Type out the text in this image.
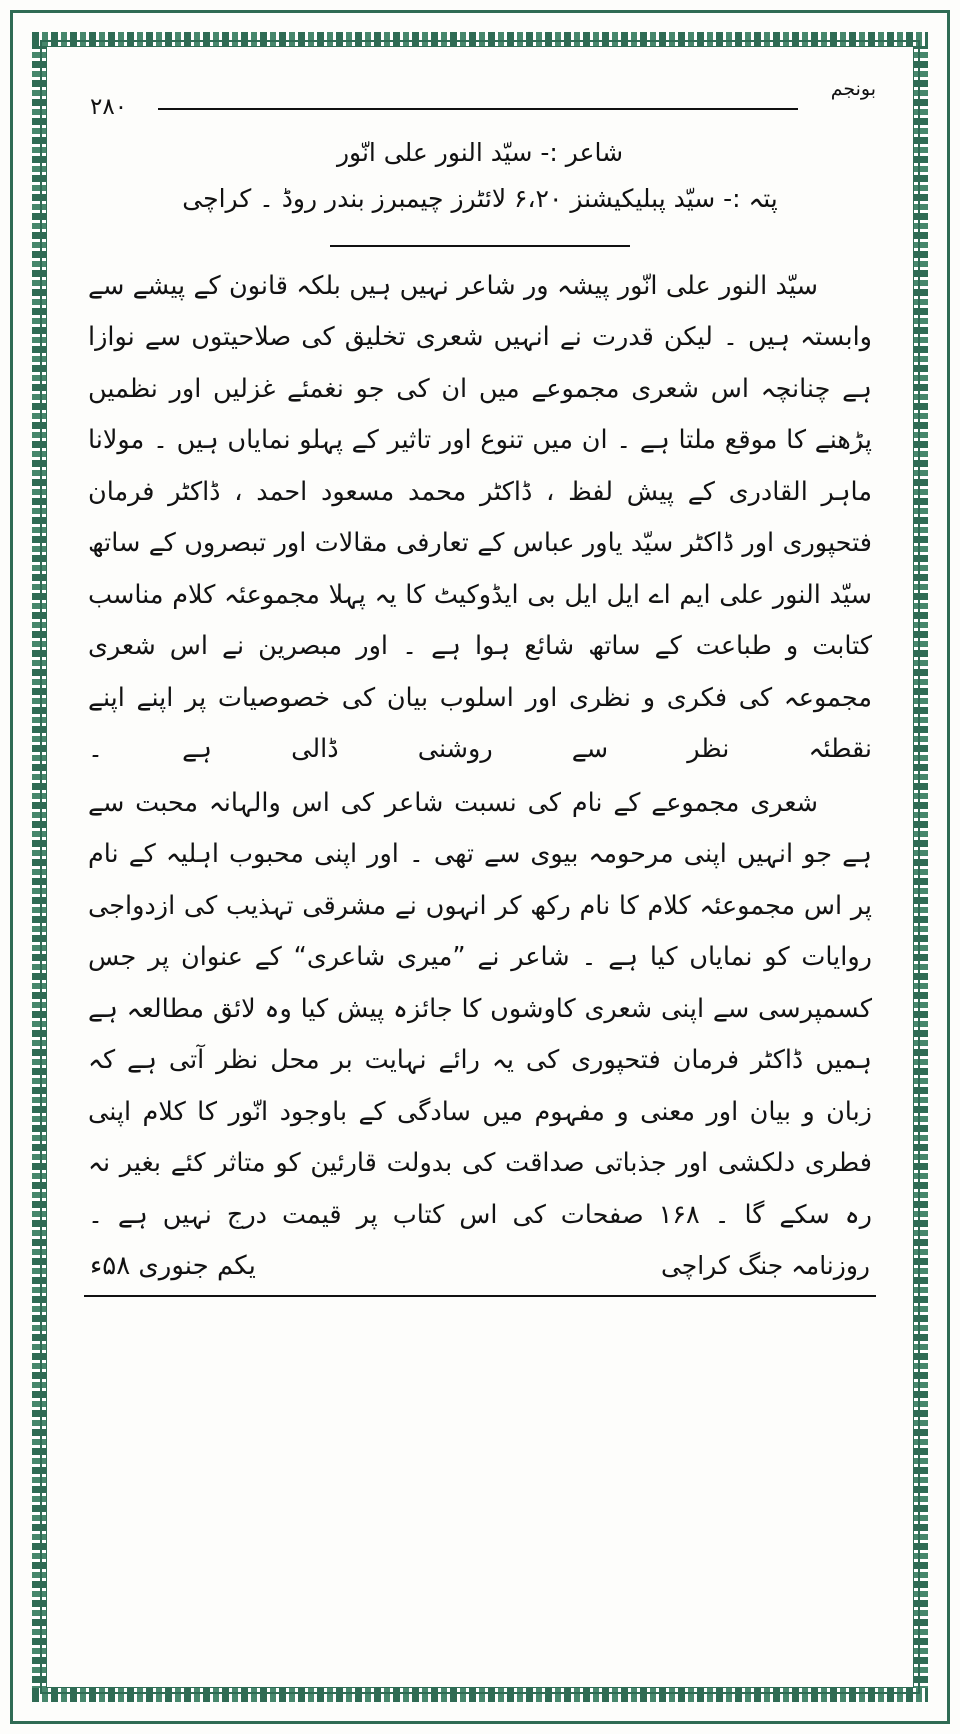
بونجم
۲۸۰
شاعر :- سیّد النور علی انّور
پتہ :- سیّد پبلیکیشنز ۶،۲۰ لائٹرز چیمبرز بندر روڈ ۔ کراچی

سیّد النور علی انّور پیشہ ور شاعر نہیں ہیں بلکہ قانون کے پیشے سے وابستہ ہیں ۔ لیکن قدرت نے انہیں شعری تخلیق کی صلاحیتوں سے نوازا ہے چنانچہ اس شعری مجموعے میں ان کی جو نغمئے غزلیں اور نظمیں پڑھنے کا موقع ملتا ہے ۔ ان میں تنوع اور تاثیر کے پہلو نمایاں ہیں ۔ مولانا ماہر القادری کے پیش لفظ ، ڈاکٹر محمد مسعود احمد ، ڈاکٹر فرمان فتحپوری اور ڈاکٹر سیّد یاور عباس کے تعارفی مقالات اور تبصروں کے ساتھ سیّد النور علی ایم اے ایل ایل بی ایڈوکیٹ کا یہ پہلا مجموعئہ کلام مناسب کتابت و طباعت کے ساتھ شائع ہوا ہے ۔ اور مبصرین نے اس شعری مجموعہ کی فکری و نظری اور اسلوب بیان کی خصوصیات پر اپنے اپنے نقطئہ نظر سے روشنی ڈالی ہے ۔

شعری مجموعے کے نام کی نسبت شاعر کی اس والہانہ محبت سے ہے جو انہیں اپنی مرحومہ بیوی سے تھی ۔ اور اپنی محبوب اہلیہ کے نام پر اس مجموعئہ کلام کا نام رکھ کر انہوں نے مشرقی تہذیب کی ازدواجی روایات کو نمایاں کیا ہے ۔ شاعر نے ”میری شاعری“ کے عنوان پر جس کسمپرسی سے اپنی شعری کاوشوں کا جائزہ پیش کیا وہ لائق مطالعہ ہے ہمیں ڈاکٹر فرمان فتحپوری کی یہ رائے نہایت بر محل نظر آتی ہے کہ زبان و بیان اور معنی و مفہوم میں سادگی کے باوجود انّور کا کلام اپنی فطری دلکشی اور جذباتی صداقت کی بدولت قارئین کو متاثر کئے بغیر نہ رہ سکے گا ۔ ۱۶۸ صفحات کی اس کتاب پر قیمت درج نہیں ہے ۔

روزنامہ جنگ کراچی
یکم جنوری ۵۸ء
